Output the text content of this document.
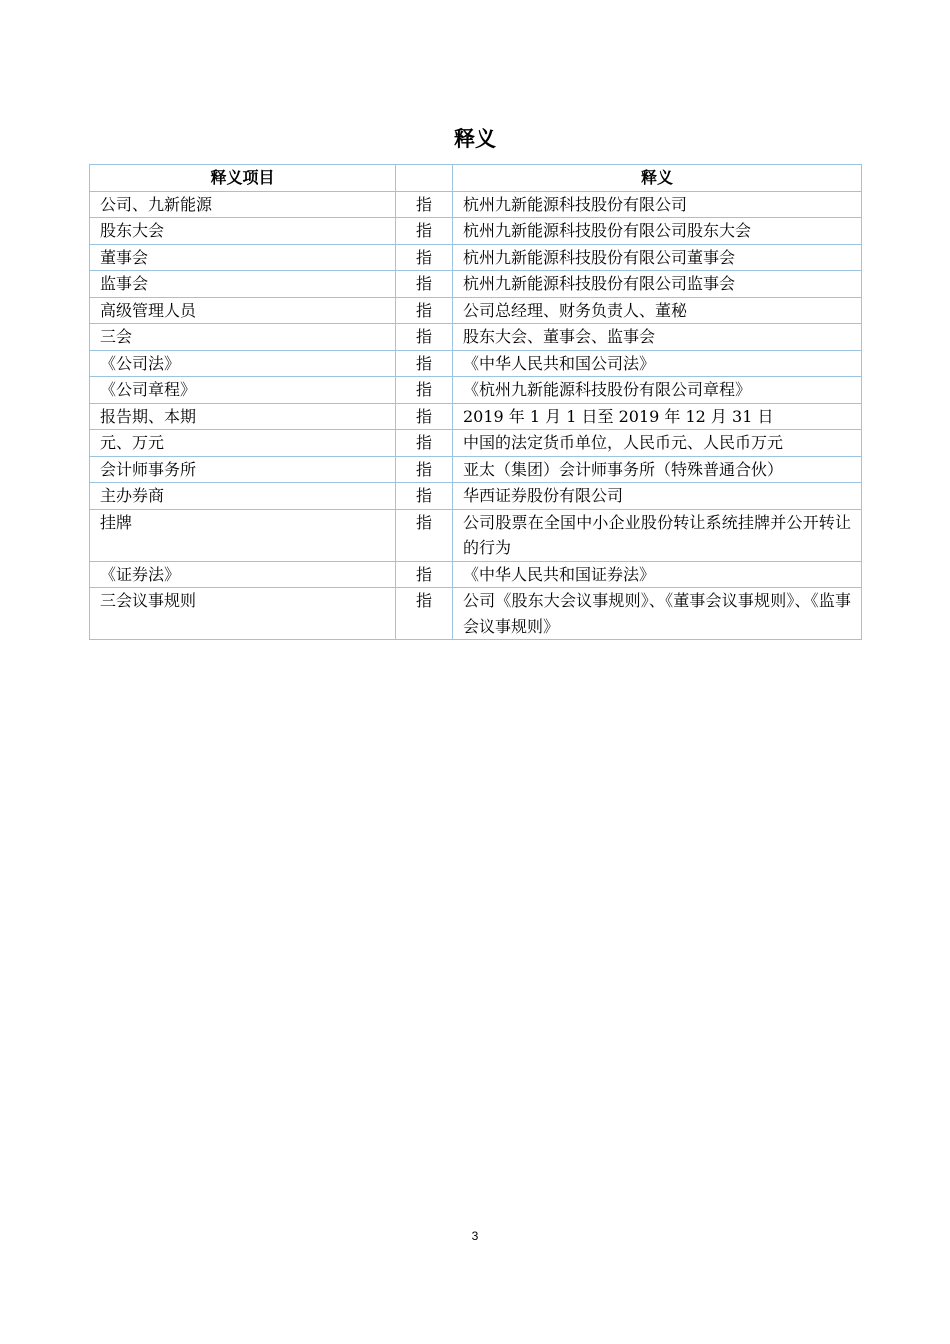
释义
释义项目		释义
公司、九新能源	指	杭州九新能源科技股份有限公司
股东大会	指	杭州九新能源科技股份有限公司股东大会
董事会	指	杭州九新能源科技股份有限公司董事会
监事会	指	杭州九新能源科技股份有限公司监事会
高级管理人员	指	公司总经理、财务负责人、董秘
三会	指	股东大会、董事会、监事会
《公司法》	指	《中华人民共和国公司法》
《公司章程》	指	《杭州九新能源科技股份有限公司章程》
报告期、本期	指	2019 年 1 月 1 日至 2019 年 12 月 31 日
元、万元	指	中国的法定货币单位，人民币元、人民币万元
会计师事务所	指	亚太（集团）会计师事务所（特殊普通合伙）
主办券商	指	华西证券股份有限公司
挂牌	指	公司股票在全国中小企业股份转让系统挂牌并公开转让的行为
《证券法》	指	《中华人民共和国证券法》
三会议事规则	指	公司《股东大会议事规则》、《董事会议事规则》、《监事会议事规则》
3
